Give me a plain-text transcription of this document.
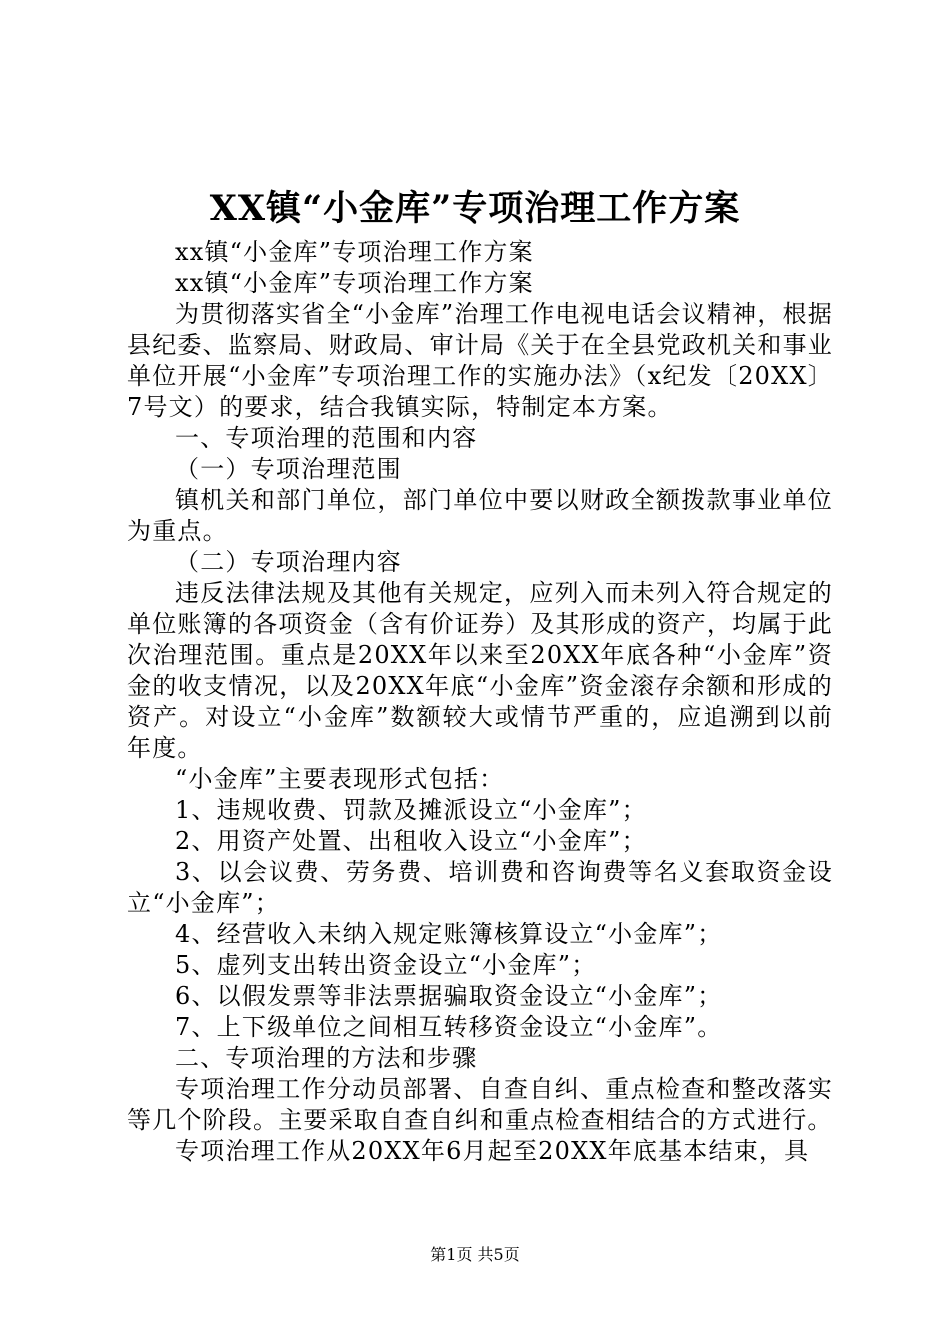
XX镇“小金库”专项治理工作方案

xx镇“小金库”专项治理工作方案

xx镇“小金库”专项治理工作方案

为贯彻落实省全“小金库”治理工作电视电话会议精神，根据县纪委、监察局、财政局、审计局《关于在全县党政机关和事业单位开展“小金库”专项治理工作的实施办法》（x纪发〔20XX〕7号文）的要求，结合我镇实际，特制定本方案。

一、专项治理的范围和内容

（一）专项治理范围

镇机关和部门单位，部门单位中要以财政全额拨款事业单位为重点。

（二）专项治理内容

违反法律法规及其他有关规定，应列入而未列入符合规定的单位账簿的各项资金（含有价证券）及其形成的资产，均属于此次治理范围。重点是20XX年以来至20XX年底各种“小金库”资金的收支情况，以及20XX年底“小金库”资金滚存余额和形成的资产。对设立“小金库”数额较大或情节严重的，应追溯到以前年度。

“小金库”主要表现形式包括：

1、违规收费、罚款及摊派设立“小金库”；

2、用资产处置、出租收入设立“小金库”；

3、以会议费、劳务费、培训费和咨询费等名义套取资金设立“小金库”；

4、经营收入未纳入规定账簿核算设立“小金库”；

5、虚列支出转出资金设立“小金库”；

6、以假发票等非法票据骗取资金设立“小金库”；

7、上下级单位之间相互转移资金设立“小金库”。

二、专项治理的方法和步骤

专项治理工作分动员部署、自查自纠、重点检查和整改落实等几个阶段。主要采取自查自纠和重点检查相结合的方式进行。

专项治理工作从20XX年6月起至20XX年底基本结束，具

第1页 共5页
